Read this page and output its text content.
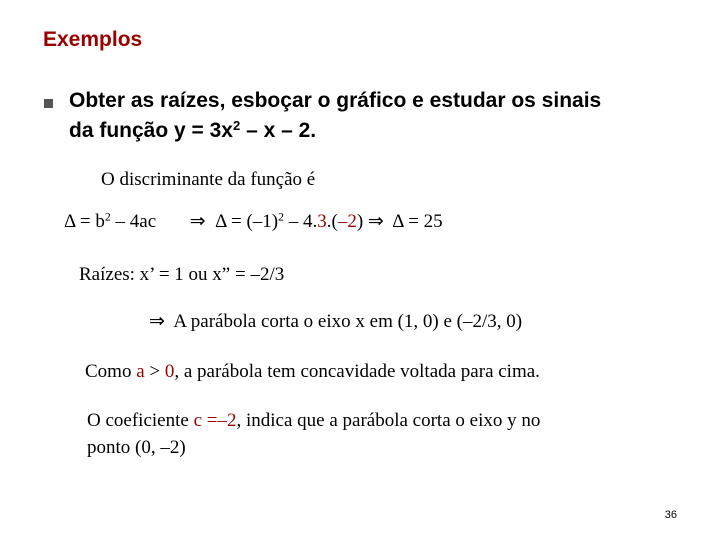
Exemplos
Obter as raízes, esboçar o gráfico e estudar os sinais
da função $y = 3x^2 - x - 2$.
O discriminante da função é
$\Delta = b^2 - 4ac$ ⇒ $\Delta = (-1)^2 - 4.3.(-2)$ ⇒ Δ = 25
Raízes: x’ = 1 ou x” = –2/3
⇒ A parábola corta o eixo x em (1, 0) e (–2/3, 0)
Como a > 0, a parábola tem concavidade voltada para cima.
O coeficiente c =–2, indica que a parábola corta o eixo y no
ponto (0, –2)
36
